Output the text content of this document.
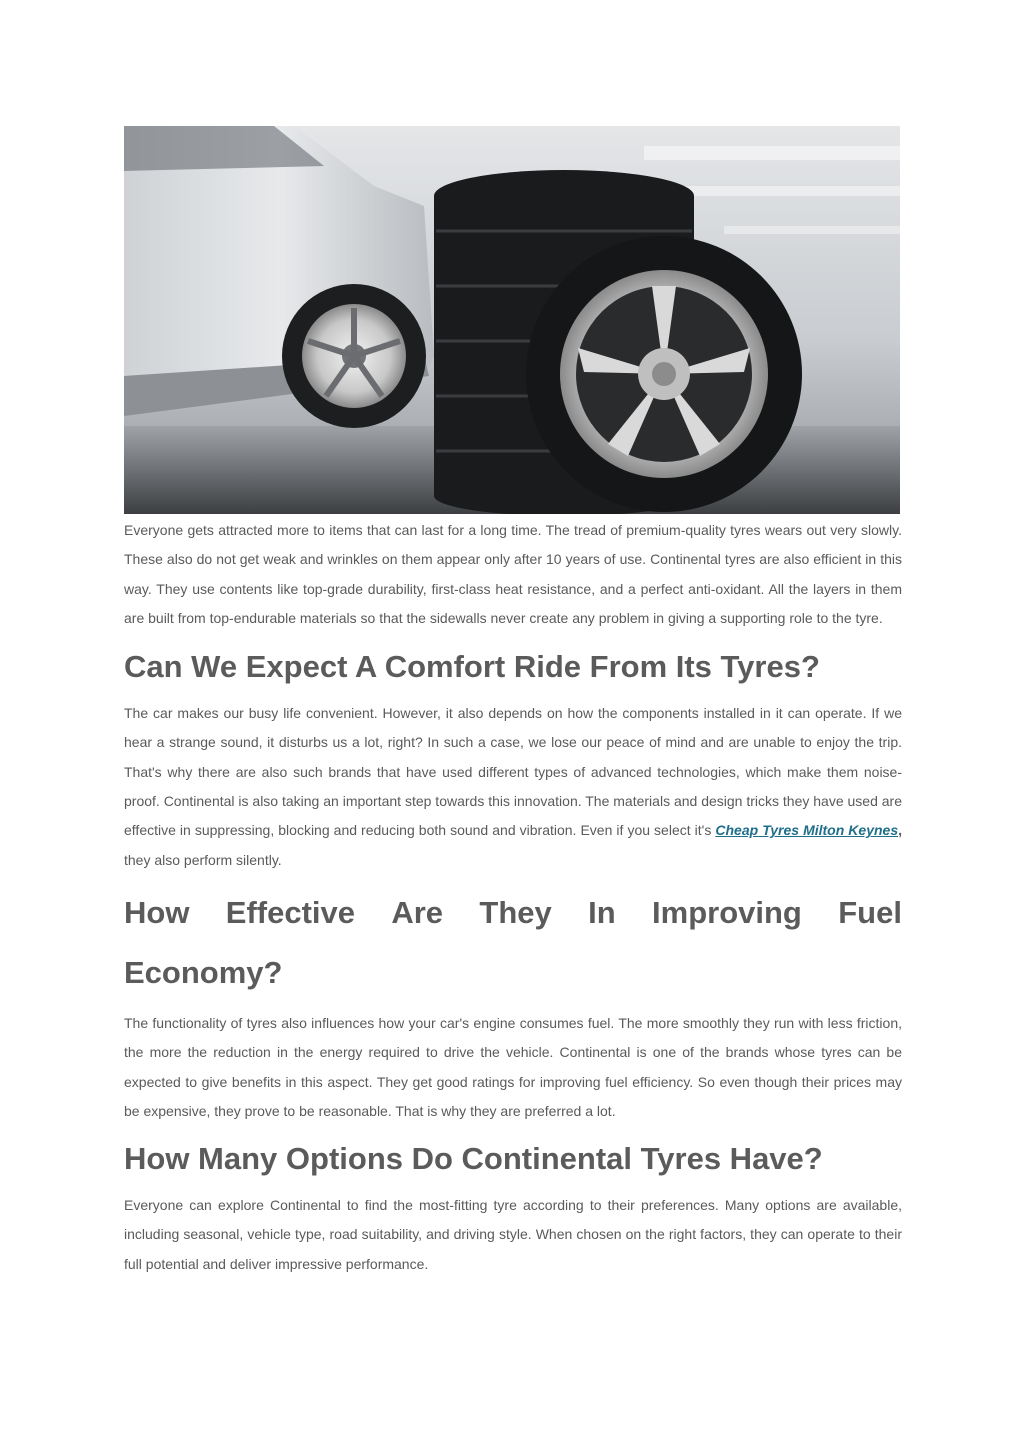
Everyone gets attracted more to items that can last for a long time. The tread of premium-quality tyres wears out very slowly. These also do not get weak and wrinkles on them appear only after 10 years of use. Continental tyres are also efficient in this way. They use contents like top-grade durability, first-class heat resistance, and a perfect anti-oxidant. All the layers in them are built from top-endurable materials so that the sidewalls never create any problem in giving a supporting role to the tyre.

Can We Expect A Comfort Ride From Its Tyres?

The car makes our busy life convenient. However, it also depends on how the components installed in it can operate. If we hear a strange sound, it disturbs us a lot, right? In such a case, we lose our peace of mind and are unable to enjoy the trip. That's why there are also such brands that have used different types of advanced technologies, which make them noise-proof. Continental is also taking an important step towards this innovation. The materials and design tricks they have used are effective in suppressing, blocking and reducing both sound and vibration. Even if you select it's Cheap Tyres Milton Keynes, they also perform silently.

How Effective Are They In Improving Fuel
Economy?

The functionality of tyres also influences how your car's engine consumes fuel. The more smoothly they run with less friction, the more the reduction in the energy required to drive the vehicle. Continental is one of the brands whose tyres can be expected to give benefits in this aspect. They get good ratings for improving fuel efficiency. So even though their prices may be expensive, they prove to be reasonable. That is why they are preferred a lot.

How Many Options Do Continental Tyres Have?

Everyone can explore Continental to find the most-fitting tyre according to their preferences. Many options are available, including seasonal, vehicle type, road suitability, and driving style. When chosen on the right factors, they can operate to their full potential and deliver impressive performance.
